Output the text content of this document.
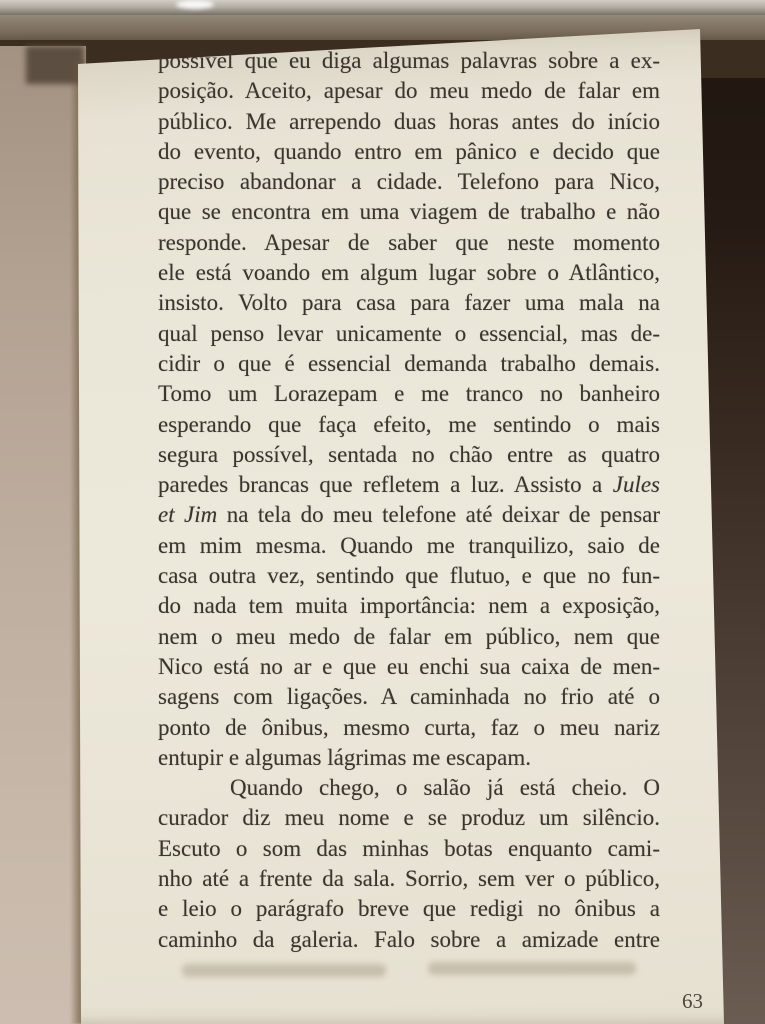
possível que eu diga algumas palavras sobre a ex-
posição. Aceito, apesar do meu medo de falar em
público. Me arrependo duas horas antes do início
do evento, quando entro em pânico e decido que
preciso abandonar a cidade. Telefono para Nico,
que se encontra em uma viagem de trabalho e não
responde. Apesar de saber que neste momento
ele está voando em algum lugar sobre o Atlântico,
insisto. Volto para casa para fazer uma mala na
qual penso levar unicamente o essencial, mas de-
cidir o que é essencial demanda trabalho demais.
Tomo um Lorazepam e me tranco no banheiro
esperando que faça efeito, me sentindo o mais
segura possível, sentada no chão entre as quatro
paredes brancas que refletem a luz. Assisto a Jules
et Jim na tela do meu telefone até deixar de pensar
em mim mesma. Quando me tranquilizo, saio de
casa outra vez, sentindo que flutuo, e que no fun-
do nada tem muita importância: nem a exposição,
nem o meu medo de falar em público, nem que
Nico está no ar e que eu enchi sua caixa de men-
sagens com ligações. A caminhada no frio até o
ponto de ônibus, mesmo curta, faz o meu nariz
entupir e algumas lágrimas me escapam.
Quando chego, o salão já está cheio. O
curador diz meu nome e se produz um silêncio.
Escuto o som das minhas botas enquanto cami-
nho até a frente da sala. Sorrio, sem ver o público,
e leio o parágrafo breve que redigi no ônibus a
caminho da galeria. Falo sobre a amizade entre
63
